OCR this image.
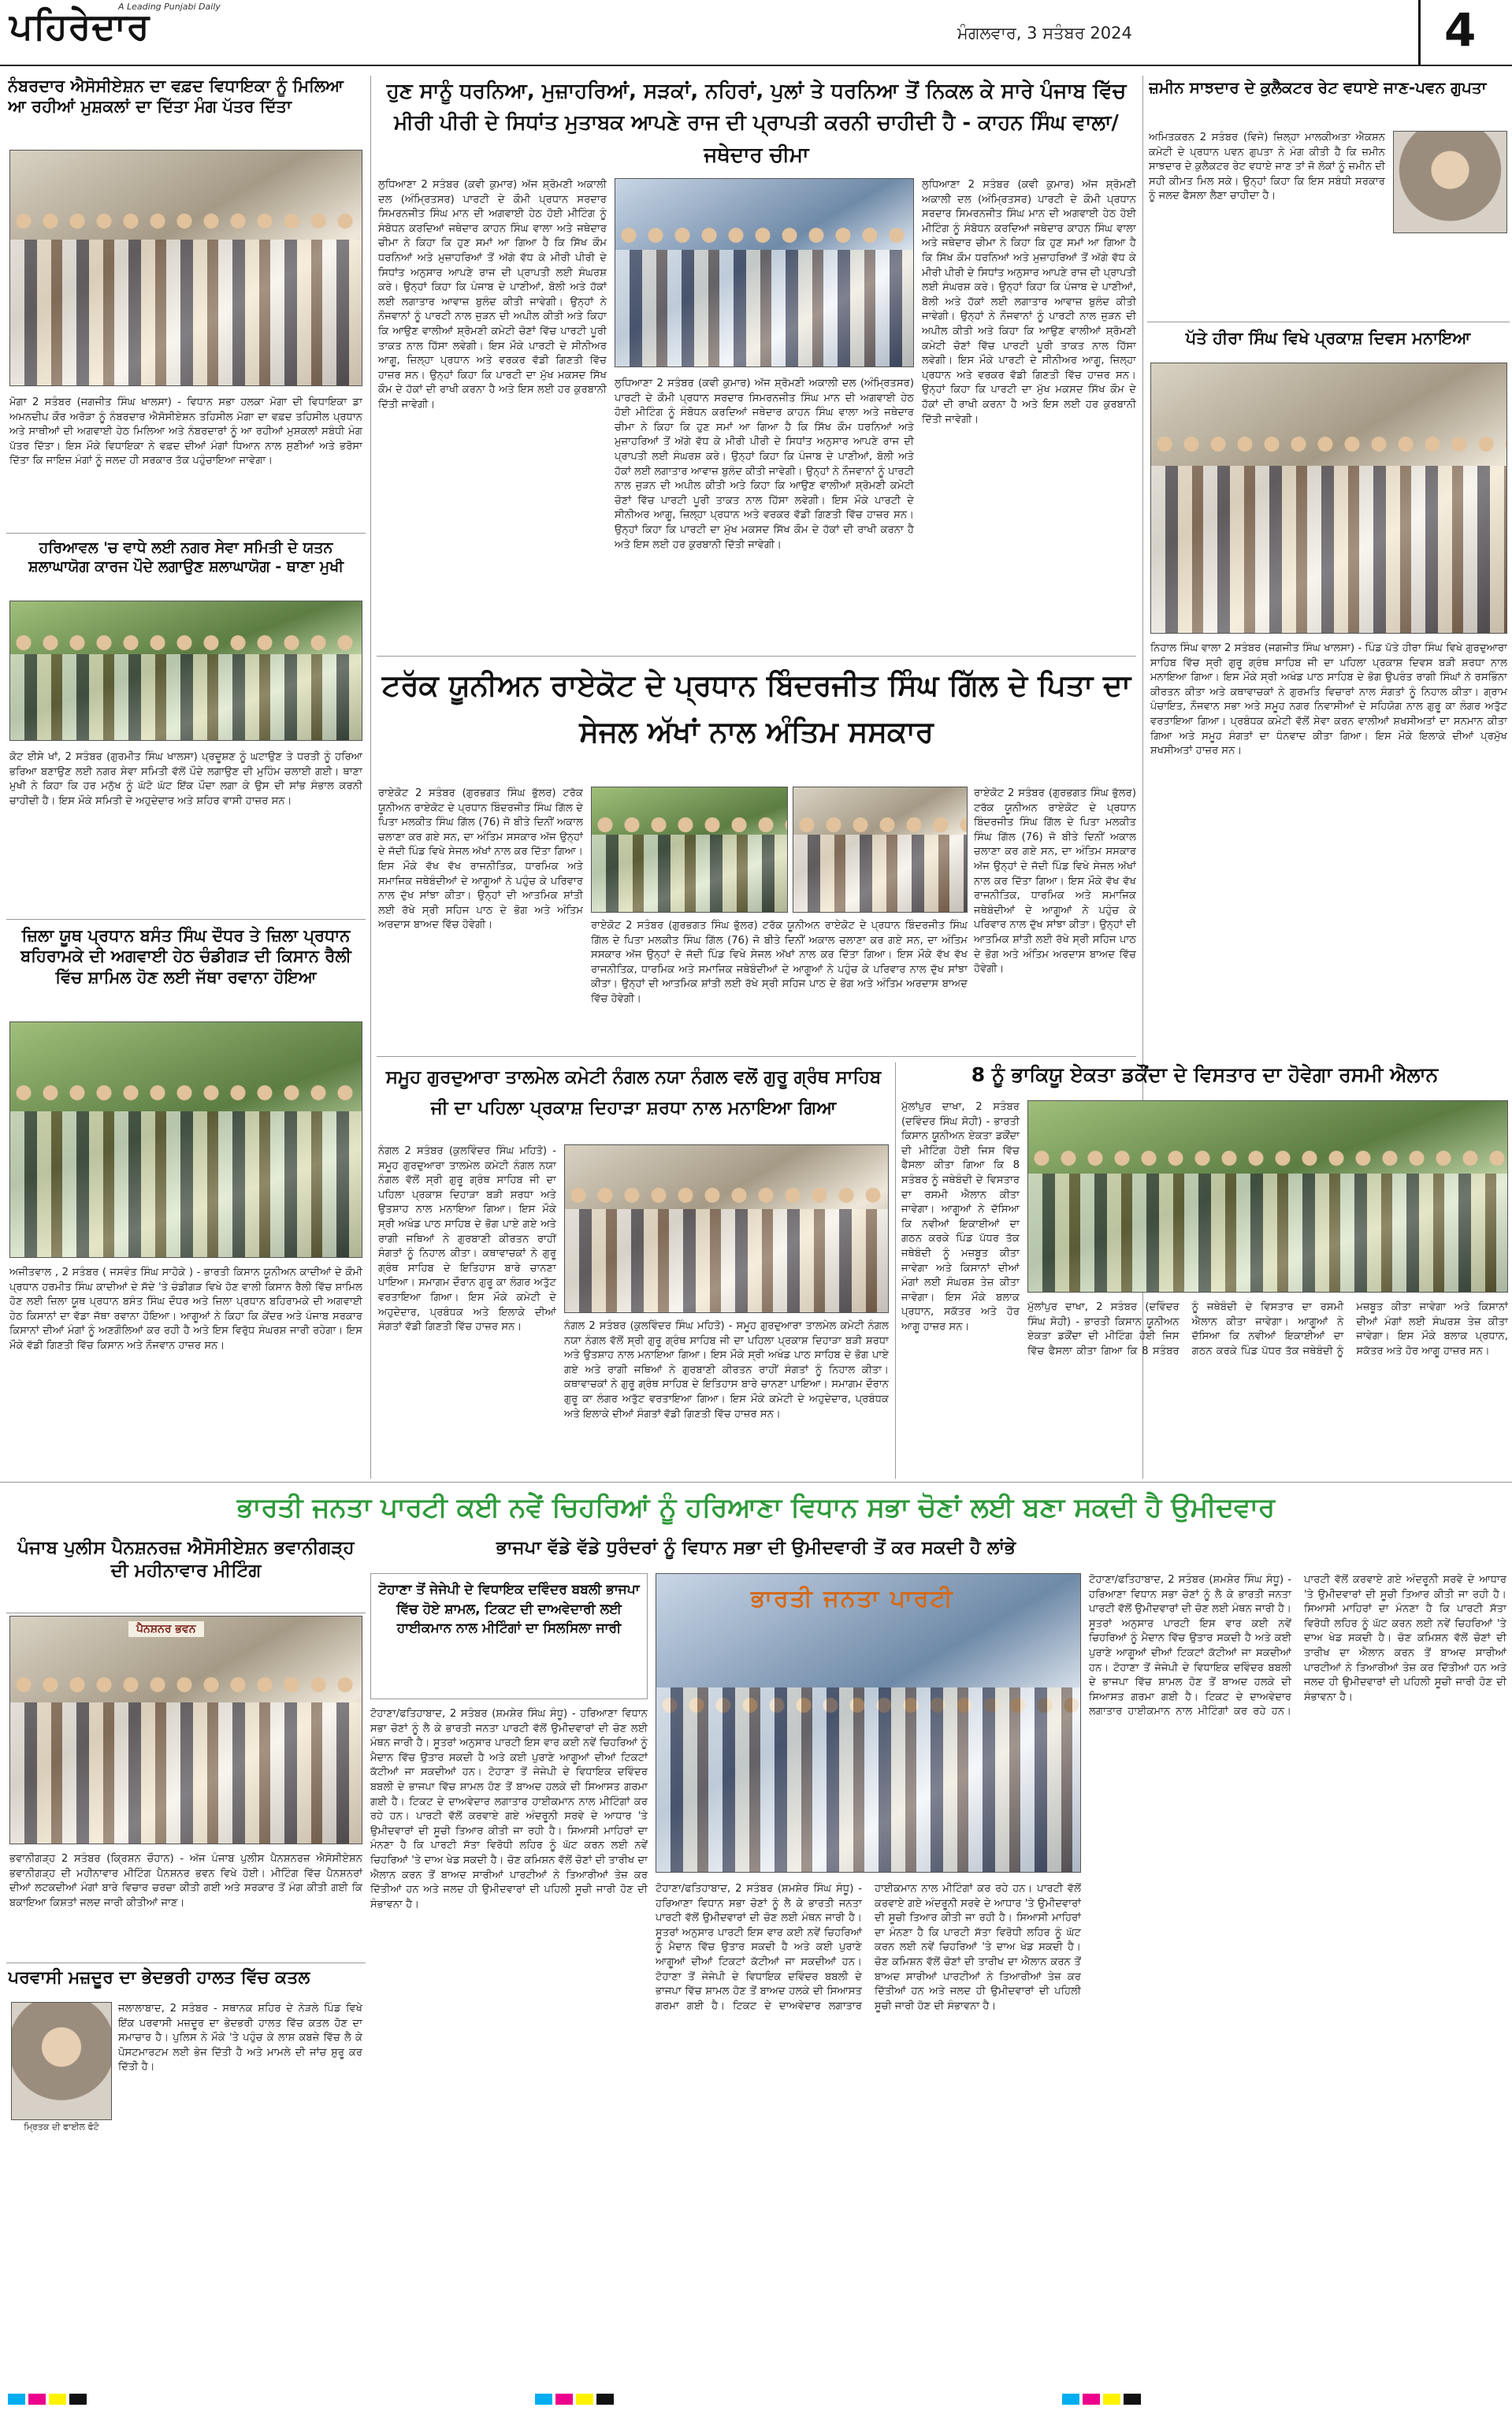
ਪਹਿਰੇਦਾਰ
A Leading Punjabi Daily
ਮੰਗਲਵਾਰ, 3 ਸਤੰਬਰ 2024	4
ਨੰਬਰਦਾਰ ਐਸੋਸੀਏਸ਼ਨ ਦਾ ਵਫ਼ਦ ਵਿਧਾਇਕਾ ਨੂੰ ਮਿਲਿਆ ਆ ਰਹੀਆਂ ਮੁਸ਼ਕਲਾਂ ਦਾ ਦਿੱਤਾ ਮੰਗ ਪੱਤਰ ਦਿੱਤਾ
ਮੋਗਾ 2 ਸਤੰਬਰ (ਜਗਜੀਤ ਸਿੰਘ ਖਾਲਸਾ) - ਵਿਧਾਨ ਸਭਾ ਹਲਕਾ ਮੋਗਾ ਦੀ ਵਿਧਾਇਕਾ ਡਾ ਅਮਨਦੀਪ ਕੌਰ ਅਰੋੜਾ ਨੂੰ ਨੰਬਰਦਾਰ ਐਸੋਸੀਏਸ਼ਨ ਤਹਿਸੀਲ ਮੋਗਾ ਦਾ ਵਫ਼ਦ ਤਹਿਸੀਲ ਪ੍ਰਧਾਨ ਅਤੇ ਸਾਥੀਆਂ ਦੀ ਅਗਵਾਈ ਹੇਠ ਮਿਲਿਆ ਅਤੇ ਨੰਬਰਦਾਰਾਂ ਨੂੰ ਆ ਰਹੀਆਂ ਮੁਸ਼ਕਲਾਂ ਸਬੰਧੀ ਮੰਗ ਪੱਤਰ ਦਿੱਤਾ। ਇਸ ਮੌਕੇ ਵਿਧਾਇਕਾ ਨੇ ਵਫ਼ਦ ਦੀਆਂ ਮੰਗਾਂ ਧਿਆਨ ਨਾਲ ਸੁਣੀਆਂ ਅਤੇ ਭਰੋਸਾ ਦਿੱਤਾ ਕਿ ਜਾਇਜ਼ ਮੰਗਾਂ ਨੂੰ ਜਲਦ ਹੀ ਸਰਕਾਰ ਤੱਕ ਪਹੁੰਚਾਇਆ ਜਾਵੇਗਾ।
ਹਰਿਆਵਲ 'ਚ ਵਾਧੇ ਲਈ ਨਗਰ ਸੇਵਾ ਸਮਿਤੀ ਦੇ ਯਤਨ ਸ਼ਲਾਘਾਯੋਗ ਕਾਰਜ ਪੌਦੇ ਲਗਾਉਣ ਸ਼ਲਾਘਾਯੋਗ - ਥਾਣਾ ਮੁਖੀ
ਕੋਟ ਈਸੇ ਖਾਂ, 2 ਸਤੰਬਰ (ਗੁਰਮੀਤ ਸਿੰਘ ਖਾਲਸਾ) ਪ੍ਰਦੂਸ਼ਣ ਨੂੰ ਘਟਾਉਣ ਤੇ ਧਰਤੀ ਨੂੰ ਹਰਿਆ ਭਰਿਆ ਬਣਾਉਣ ਲਈ ਨਗਰ ਸੇਵਾ ਸਮਿਤੀ ਵੱਲੋਂ ਪੌਦੇ ਲਗਾਉਣ ਦੀ ਮੁਹਿੰਮ ਚਲਾਈ ਗਈ। ਥਾਣਾ ਮੁਖੀ ਨੇ ਕਿਹਾ ਕਿ ਹਰ ਮਨੁੱਖ ਨੂੰ ਘੱਟੋ ਘੱਟ ਇੱਕ ਪੌਦਾ ਲਗਾ ਕੇ ਉਸ ਦੀ ਸਾਂਭ ਸੰਭਾਲ ਕਰਨੀ ਚਾਹੀਦੀ ਹੈ। ਇਸ ਮੌਕੇ ਸਮਿਤੀ ਦੇ ਅਹੁਦੇਦਾਰ ਅਤੇ ਸ਼ਹਿਰ ਵਾਸੀ ਹਾਜ਼ਰ ਸਨ।
ਜ਼ਿਲਾ ਯੂਥ ਪ੍ਰਧਾਨ ਬਸੰਤ ਸਿੰਘ ਦੌਧਰ ਤੇ ਜ਼ਿਲਾ ਪ੍ਰਧਾਨ ਬਹਿਰਾਮਕੇ ਦੀ ਅਗਵਾਈ ਹੇਠ ਚੰਡੀਗੜ ਦੀ ਕਿਸਾਨ ਰੈਲੀ ਵਿੱਚ ਸ਼ਾਮਿਲ ਹੋਣ ਲਈ ਜੱਥਾ ਰਵਾਨਾ ਹੋਇਆ
ਅਜੀਤਵਾਲ , 2 ਸਤੰਬਰ ( ਜਸਵੰਤ ਸਿੰਘ ਸਾਹੋਕੇ ) - ਭਾਰਤੀ ਕਿਸਾਨ ਯੂਨੀਅਨ ਕਾਦੀਆਂ ਦੇ ਕੌਮੀ ਪ੍ਰਧਾਨ ਹਰਮੀਤ ਸਿੰਘ ਕਾਦੀਆਂ ਦੇ ਸੱਦੇ 'ਤੇ ਚੰਡੀਗੜ ਵਿਖੇ ਹੋਣ ਵਾਲੀ ਕਿਸਾਨ ਰੈਲੀ ਵਿੱਚ ਸ਼ਾਮਿਲ ਹੋਣ ਲਈ ਜ਼ਿਲਾ ਯੂਥ ਪ੍ਰਧਾਨ ਬਸੰਤ ਸਿੰਘ ਦੌਧਰ ਅਤੇ ਜ਼ਿਲਾ ਪ੍ਰਧਾਨ ਬਹਿਰਾਮਕੇ ਦੀ ਅਗਵਾਈ ਹੇਠ ਕਿਸਾਨਾਂ ਦਾ ਵੱਡਾ ਜੱਥਾ ਰਵਾਨਾ ਹੋਇਆ। ਆਗੂਆਂ ਨੇ ਕਿਹਾ ਕਿ ਕੇਂਦਰ ਅਤੇ ਪੰਜਾਬ ਸਰਕਾਰ ਕਿਸਾਨਾਂ ਦੀਆਂ ਮੰਗਾਂ ਨੂੰ ਅਣਗੌਲਿਆਂ ਕਰ ਰਹੀ ਹੈ ਅਤੇ ਇਸ ਵਿਰੁੱਧ ਸੰਘਰਸ਼ ਜਾਰੀ ਰਹੇਗਾ। ਇਸ ਮੌਕੇ ਵੱਡੀ ਗਿਣਤੀ ਵਿੱਚ ਕਿਸਾਨ ਅਤੇ ਨੌਜਵਾਨ ਹਾਜ਼ਰ ਸਨ।
ਪੰਜਾਬ ਪੁਲੀਸ ਪੈਨਸ਼ਨਰਜ਼ ਐਸੋਸੀਏਸ਼ਨ ਭਵਾਨੀਗੜ੍ਹ ਦੀ ਮਹੀਨਾਵਾਰ ਮੀਟਿੰਗ
ਪੈਨਸ਼ਨਰ ਭਵਨ
ਭਵਾਨੀਗੜ੍ਹ 2 ਸਤੰਬਰ (ਕ੍ਰਿਸ਼ਨ ਚੌਹਾਨ) - ਅੱਜ ਪੰਜਾਬ ਪੁਲੀਸ ਪੈਨਸ਼ਨਰਜ਼ ਐਸੋਸੀਏਸ਼ਨ ਭਵਾਨੀਗੜ੍ਹ ਦੀ ਮਹੀਨਾਵਾਰ ਮੀਟਿੰਗ ਪੈਨਸ਼ਨਰ ਭਵਨ ਵਿਖੇ ਹੋਈ। ਮੀਟਿੰਗ ਵਿੱਚ ਪੈਨਸ਼ਨਰਾਂ ਦੀਆਂ ਲਟਕਦੀਆਂ ਮੰਗਾਂ ਬਾਰੇ ਵਿਚਾਰ ਚਰਚਾ ਕੀਤੀ ਗਈ ਅਤੇ ਸਰਕਾਰ ਤੋਂ ਮੰਗ ਕੀਤੀ ਗਈ ਕਿ ਬਕਾਇਆ ਕਿਸ਼ਤਾਂ ਜਲਦ ਜਾਰੀ ਕੀਤੀਆਂ ਜਾਣ।
ਪਰਵਾਸੀ ਮਜ਼ਦੂਰ ਦਾ ਭੇਦਭਰੀ ਹਾਲਤ ਵਿੱਚ ਕਤਲ
ਮ੍ਰਿਤਕ ਦੀ ਫਾਈਲ ਫੋਟੋ
ਜਲਾਲਾਬਾਦ, 2 ਸਤੰਬਰ - ਸਥਾਨਕ ਸ਼ਹਿਰ ਦੇ ਨੇੜਲੇ ਪਿੰਡ ਵਿਖੇ ਇੱਕ ਪਰਵਾਸੀ ਮਜ਼ਦੂਰ ਦਾ ਭੇਦਭਰੀ ਹਾਲਤ ਵਿੱਚ ਕਤਲ ਹੋਣ ਦਾ ਸਮਾਚਾਰ ਹੈ। ਪੁਲਿਸ ਨੇ ਮੌਕੇ 'ਤੇ ਪਹੁੰਚ ਕੇ ਲਾਸ਼ ਕਬਜ਼ੇ ਵਿੱਚ ਲੈ ਕੇ ਪੋਸਟਮਾਰਟਮ ਲਈ ਭੇਜ ਦਿੱਤੀ ਹੈ ਅਤੇ ਮਾਮਲੇ ਦੀ ਜਾਂਚ ਸ਼ੁਰੂ ਕਰ ਦਿੱਤੀ ਹੈ।
ਹੁਣ ਸਾਨੂੰ ਧਰਨਿਆ, ਮੁਜ਼ਾਹਰਿਆਂ, ਸੜਕਾਂ, ਨਹਿਰਾਂ, ਪੁਲਾਂ ਤੇ ਧਰਨਿਆ ਤੋਂ ਨਿਕਲ ਕੇ ਸਾਰੇ ਪੰਜਾਬ ਵਿੱਚ ਮੀਰੀ ਪੀਰੀ ਦੇ ਸਿਧਾਂਤ ਮੁਤਾਬਕ ਆਪਣੇ ਰਾਜ ਦੀ ਪ੍ਰਾਪਤੀ ਕਰਨੀ ਚਾਹੀਦੀ ਹੈ - ਕਾਹਨ ਸਿੰਘ ਵਾਲਾ/ਜਥੇਦਾਰ ਚੀਮਾ
ਲੁਧਿਆਣਾ 2 ਸਤੰਬਰ (ਕਵੀ ਕੁਮਾਰ) ਅੱਜ ਸ਼੍ਰੋਮਣੀ ਅਕਾਲੀ ਦਲ (ਅੰਮ੍ਰਿਤਸਰ) ਪਾਰਟੀ ਦੇ ਕੌਮੀ ਪ੍ਰਧਾਨ ਸਰਦਾਰ ਸਿਮਰਨਜੀਤ ਸਿੰਘ ਮਾਨ ਦੀ ਅਗਵਾਈ ਹੇਠ ਹੋਈ ਮੀਟਿੰਗ ਨੂੰ ਸੰਬੋਧਨ ਕਰਦਿਆਂ ਜਥੇਦਾਰ ਕਾਹਨ ਸਿੰਘ ਵਾਲਾ ਅਤੇ ਜਥੇਦਾਰ ਚੀਮਾ ਨੇ ਕਿਹਾ ਕਿ ਹੁਣ ਸਮਾਂ ਆ ਗਿਆ ਹੈ ਕਿ ਸਿੱਖ ਕੌਮ ਧਰਨਿਆਂ ਅਤੇ ਮੁਜ਼ਾਹਰਿਆਂ ਤੋਂ ਅੱਗੇ ਵੱਧ ਕੇ ਮੀਰੀ ਪੀਰੀ ਦੇ ਸਿਧਾਂਤ ਅਨੁਸਾਰ ਆਪਣੇ ਰਾਜ ਦੀ ਪ੍ਰਾਪਤੀ ਲਈ ਸੰਘਰਸ਼ ਕਰੇ। ਉਨ੍ਹਾਂ ਕਿਹਾ ਕਿ ਪੰਜਾਬ ਦੇ ਪਾਣੀਆਂ, ਬੋਲੀ ਅਤੇ ਹੱਕਾਂ ਲਈ ਲਗਾਤਾਰ ਆਵਾਜ਼ ਬੁਲੰਦ ਕੀਤੀ ਜਾਵੇਗੀ। ਉਨ੍ਹਾਂ ਨੇ ਨੌਜਵਾਨਾਂ ਨੂੰ ਪਾਰਟੀ ਨਾਲ ਜੁੜਨ ਦੀ ਅਪੀਲ ਕੀਤੀ ਅਤੇ ਕਿਹਾ ਕਿ ਆਉਣ ਵਾਲੀਆਂ ਸ਼੍ਰੋਮਣੀ ਕਮੇਟੀ ਚੋਣਾਂ ਵਿੱਚ ਪਾਰਟੀ ਪੂਰੀ ਤਾਕਤ ਨਾਲ ਹਿੱਸਾ ਲਵੇਗੀ। ਇਸ ਮੌਕੇ ਪਾਰਟੀ ਦੇ ਸੀਨੀਅਰ ਆਗੂ, ਜ਼ਿਲ੍ਹਾ ਪ੍ਰਧਾਨ ਅਤੇ ਵਰਕਰ ਵੱਡੀ ਗਿਣਤੀ ਵਿੱਚ ਹਾਜ਼ਰ ਸਨ। ਉਨ੍ਹਾਂ ਕਿਹਾ ਕਿ ਪਾਰਟੀ ਦਾ ਮੁੱਖ ਮਕਸਦ ਸਿੱਖ ਕੌਮ ਦੇ ਹੱਕਾਂ ਦੀ ਰਾਖੀ ਕਰਨਾ ਹੈ ਅਤੇ ਇਸ ਲਈ ਹਰ ਕੁਰਬਾਨੀ ਦਿੱਤੀ ਜਾਵੇਗੀ।
ਲੁਧਿਆਣਾ 2 ਸਤੰਬਰ (ਕਵੀ ਕੁਮਾਰ) ਅੱਜ ਸ਼੍ਰੋਮਣੀ ਅਕਾਲੀ ਦਲ (ਅੰਮ੍ਰਿਤਸਰ) ਪਾਰਟੀ ਦੇ ਕੌਮੀ ਪ੍ਰਧਾਨ ਸਰਦਾਰ ਸਿਮਰਨਜੀਤ ਸਿੰਘ ਮਾਨ ਦੀ ਅਗਵਾਈ ਹੇਠ ਹੋਈ ਮੀਟਿੰਗ ਨੂੰ ਸੰਬੋਧਨ ਕਰਦਿਆਂ ਜਥੇਦਾਰ ਕਾਹਨ ਸਿੰਘ ਵਾਲਾ ਅਤੇ ਜਥੇਦਾਰ ਚੀਮਾ ਨੇ ਕਿਹਾ ਕਿ ਹੁਣ ਸਮਾਂ ਆ ਗਿਆ ਹੈ ਕਿ ਸਿੱਖ ਕੌਮ ਧਰਨਿਆਂ ਅਤੇ ਮੁਜ਼ਾਹਰਿਆਂ ਤੋਂ ਅੱਗੇ ਵੱਧ ਕੇ ਮੀਰੀ ਪੀਰੀ ਦੇ ਸਿਧਾਂਤ ਅਨੁਸਾਰ ਆਪਣੇ ਰਾਜ ਦੀ ਪ੍ਰਾਪਤੀ ਲਈ ਸੰਘਰਸ਼ ਕਰੇ। ਉਨ੍ਹਾਂ ਕਿਹਾ ਕਿ ਪੰਜਾਬ ਦੇ ਪਾਣੀਆਂ, ਬੋਲੀ ਅਤੇ ਹੱਕਾਂ ਲਈ ਲਗਾਤਾਰ ਆਵਾਜ਼ ਬੁਲੰਦ ਕੀਤੀ ਜਾਵੇਗੀ। ਉਨ੍ਹਾਂ ਨੇ ਨੌਜਵਾਨਾਂ ਨੂੰ ਪਾਰਟੀ ਨਾਲ ਜੁੜਨ ਦੀ ਅਪੀਲ ਕੀਤੀ ਅਤੇ ਕਿਹਾ ਕਿ ਆਉਣ ਵਾਲੀਆਂ ਸ਼੍ਰੋਮਣੀ ਕਮੇਟੀ ਚੋਣਾਂ ਵਿੱਚ ਪਾਰਟੀ ਪੂਰੀ ਤਾਕਤ ਨਾਲ ਹਿੱਸਾ ਲਵੇਗੀ। ਇਸ ਮੌਕੇ ਪਾਰਟੀ ਦੇ ਸੀਨੀਅਰ ਆਗੂ, ਜ਼ਿਲ੍ਹਾ ਪ੍ਰਧਾਨ ਅਤੇ ਵਰਕਰ ਵੱਡੀ ਗਿਣਤੀ ਵਿੱਚ ਹਾਜ਼ਰ ਸਨ। ਉਨ੍ਹਾਂ ਕਿਹਾ ਕਿ ਪਾਰਟੀ ਦਾ ਮੁੱਖ ਮਕਸਦ ਸਿੱਖ ਕੌਮ ਦੇ ਹੱਕਾਂ ਦੀ ਰਾਖੀ ਕਰਨਾ ਹੈ ਅਤੇ ਇਸ ਲਈ ਹਰ ਕੁਰਬਾਨੀ ਦਿੱਤੀ ਜਾਵੇਗੀ।
ਲੁਧਿਆਣਾ 2 ਸਤੰਬਰ (ਕਵੀ ਕੁਮਾਰ) ਅੱਜ ਸ਼੍ਰੋਮਣੀ ਅਕਾਲੀ ਦਲ (ਅੰਮ੍ਰਿਤਸਰ) ਪਾਰਟੀ ਦੇ ਕੌਮੀ ਪ੍ਰਧਾਨ ਸਰਦਾਰ ਸਿਮਰਨਜੀਤ ਸਿੰਘ ਮਾਨ ਦੀ ਅਗਵਾਈ ਹੇਠ ਹੋਈ ਮੀਟਿੰਗ ਨੂੰ ਸੰਬੋਧਨ ਕਰਦਿਆਂ ਜਥੇਦਾਰ ਕਾਹਨ ਸਿੰਘ ਵਾਲਾ ਅਤੇ ਜਥੇਦਾਰ ਚੀਮਾ ਨੇ ਕਿਹਾ ਕਿ ਹੁਣ ਸਮਾਂ ਆ ਗਿਆ ਹੈ ਕਿ ਸਿੱਖ ਕੌਮ ਧਰਨਿਆਂ ਅਤੇ ਮੁਜ਼ਾਹਰਿਆਂ ਤੋਂ ਅੱਗੇ ਵੱਧ ਕੇ ਮੀਰੀ ਪੀਰੀ ਦੇ ਸਿਧਾਂਤ ਅਨੁਸਾਰ ਆਪਣੇ ਰਾਜ ਦੀ ਪ੍ਰਾਪਤੀ ਲਈ ਸੰਘਰਸ਼ ਕਰੇ। ਉਨ੍ਹਾਂ ਕਿਹਾ ਕਿ ਪੰਜਾਬ ਦੇ ਪਾਣੀਆਂ, ਬੋਲੀ ਅਤੇ ਹੱਕਾਂ ਲਈ ਲਗਾਤਾਰ ਆਵਾਜ਼ ਬੁਲੰਦ ਕੀਤੀ ਜਾਵੇਗੀ। ਉਨ੍ਹਾਂ ਨੇ ਨੌਜਵਾਨਾਂ ਨੂੰ ਪਾਰਟੀ ਨਾਲ ਜੁੜਨ ਦੀ ਅਪੀਲ ਕੀਤੀ ਅਤੇ ਕਿਹਾ ਕਿ ਆਉਣ ਵਾਲੀਆਂ ਸ਼੍ਰੋਮਣੀ ਕਮੇਟੀ ਚੋਣਾਂ ਵਿੱਚ ਪਾਰਟੀ ਪੂਰੀ ਤਾਕਤ ਨਾਲ ਹਿੱਸਾ ਲਵੇਗੀ। ਇਸ ਮੌਕੇ ਪਾਰਟੀ ਦੇ ਸੀਨੀਅਰ ਆਗੂ, ਜ਼ਿਲ੍ਹਾ ਪ੍ਰਧਾਨ ਅਤੇ ਵਰਕਰ ਵੱਡੀ ਗਿਣਤੀ ਵਿੱਚ ਹਾਜ਼ਰ ਸਨ। ਉਨ੍ਹਾਂ ਕਿਹਾ ਕਿ ਪਾਰਟੀ ਦਾ ਮੁੱਖ ਮਕਸਦ ਸਿੱਖ ਕੌਮ ਦੇ ਹੱਕਾਂ ਦੀ ਰਾਖੀ ਕਰਨਾ ਹੈ ਅਤੇ ਇਸ ਲਈ ਹਰ ਕੁਰਬਾਨੀ ਦਿੱਤੀ ਜਾਵੇਗੀ।
ਟਰੱਕ ਯੂਨੀਅਨ ਰਾਏਕੋਟ ਦੇ ਪ੍ਰਧਾਨ ਬਿੰਦਰਜੀਤ ਸਿੰਘ ਗਿੱਲ ਦੇ ਪਿਤਾ ਦਾ ਸੇਜਲ ਅੱਖਾਂ ਨਾਲ ਅੰਤਿਮ ਸਸਕਾਰ
ਰਾਏਕੋਟ 2 ਸਤੰਬਰ (ਗੁਰਭਗਤ ਸਿੰਘ ਭੁੱਲਰ) ਟਰੱਕ ਯੂਨੀਅਨ ਰਾਏਕੋਟ ਦੇ ਪ੍ਰਧਾਨ ਬਿੰਦਰਜੀਤ ਸਿੰਘ ਗਿੱਲ ਦੇ ਪਿਤਾ ਮਲਕੀਤ ਸਿੰਘ ਗਿੱਲ (76) ਜੋ ਬੀਤੇ ਦਿਨੀਂ ਅਕਾਲ ਚਲਾਣਾ ਕਰ ਗਏ ਸਨ, ਦਾ ਅੰਤਿਮ ਸਸਕਾਰ ਅੱਜ ਉਨ੍ਹਾਂ ਦੇ ਜੱਦੀ ਪਿੰਡ ਵਿਖੇ ਸੇਜਲ ਅੱਖਾਂ ਨਾਲ ਕਰ ਦਿੱਤਾ ਗਿਆ। ਇਸ ਮੌਕੇ ਵੱਖ ਵੱਖ ਰਾਜਨੀਤਿਕ, ਧਾਰਮਿਕ ਅਤੇ ਸਮਾਜਿਕ ਜਥੇਬੰਦੀਆਂ ਦੇ ਆਗੂਆਂ ਨੇ ਪਹੁੰਚ ਕੇ ਪਰਿਵਾਰ ਨਾਲ ਦੁੱਖ ਸਾਂਝਾ ਕੀਤਾ। ਉਨ੍ਹਾਂ ਦੀ ਆਤਮਿਕ ਸ਼ਾਂਤੀ ਲਈ ਰੱਖੇ ਸ੍ਰੀ ਸਹਿਜ ਪਾਠ ਦੇ ਭੋਗ ਅਤੇ ਅੰਤਿਮ ਅਰਦਾਸ ਬਾਅਦ ਵਿੱਚ ਹੋਵੇਗੀ।	ਰਾਏਕੋਟ 2 ਸਤੰਬਰ (ਗੁਰਭਗਤ ਸਿੰਘ ਭੁੱਲਰ) ਟਰੱਕ ਯੂਨੀਅਨ ਰਾਏਕੋਟ ਦੇ ਪ੍ਰਧਾਨ ਬਿੰਦਰਜੀਤ ਸਿੰਘ ਗਿੱਲ ਦੇ ਪਿਤਾ ਮਲਕੀਤ ਸਿੰਘ ਗਿੱਲ (76) ਜੋ ਬੀਤੇ ਦਿਨੀਂ ਅਕਾਲ ਚਲਾਣਾ ਕਰ ਗਏ ਸਨ, ਦਾ ਅੰਤਿਮ ਸਸਕਾਰ ਅੱਜ ਉਨ੍ਹਾਂ ਦੇ ਜੱਦੀ ਪਿੰਡ ਵਿਖੇ ਸੇਜਲ ਅੱਖਾਂ ਨਾਲ ਕਰ ਦਿੱਤਾ ਗਿਆ। ਇਸ ਮੌਕੇ ਵੱਖ ਵੱਖ ਰਾਜਨੀਤਿਕ, ਧਾਰਮਿਕ ਅਤੇ ਸਮਾਜਿਕ ਜਥੇਬੰਦੀਆਂ ਦੇ ਆਗੂਆਂ ਨੇ ਪਹੁੰਚ ਕੇ ਪਰਿਵਾਰ ਨਾਲ ਦੁੱਖ ਸਾਂਝਾ ਕੀਤਾ। ਉਨ੍ਹਾਂ ਦੀ ਆਤਮਿਕ ਸ਼ਾਂਤੀ ਲਈ ਰੱਖੇ ਸ੍ਰੀ ਸਹਿਜ ਪਾਠ ਦੇ ਭੋਗ ਅਤੇ ਅੰਤਿਮ ਅਰਦਾਸ ਬਾਅਦ ਵਿੱਚ ਹੋਵੇਗੀ।
ਰਾਏਕੋਟ 2 ਸਤੰਬਰ (ਗੁਰਭਗਤ ਸਿੰਘ ਭੁੱਲਰ) ਟਰੱਕ ਯੂਨੀਅਨ ਰਾਏਕੋਟ ਦੇ ਪ੍ਰਧਾਨ ਬਿੰਦਰਜੀਤ ਸਿੰਘ ਗਿੱਲ ਦੇ ਪਿਤਾ ਮਲਕੀਤ ਸਿੰਘ ਗਿੱਲ (76) ਜੋ ਬੀਤੇ ਦਿਨੀਂ ਅਕਾਲ ਚਲਾਣਾ ਕਰ ਗਏ ਸਨ, ਦਾ ਅੰਤਿਮ ਸਸਕਾਰ ਅੱਜ ਉਨ੍ਹਾਂ ਦੇ ਜੱਦੀ ਪਿੰਡ ਵਿਖੇ ਸੇਜਲ ਅੱਖਾਂ ਨਾਲ ਕਰ ਦਿੱਤਾ ਗਿਆ। ਇਸ ਮੌਕੇ ਵੱਖ ਵੱਖ ਰਾਜਨੀਤਿਕ, ਧਾਰਮਿਕ ਅਤੇ ਸਮਾਜਿਕ ਜਥੇਬੰਦੀਆਂ ਦੇ ਆਗੂਆਂ ਨੇ ਪਹੁੰਚ ਕੇ ਪਰਿਵਾਰ ਨਾਲ ਦੁੱਖ ਸਾਂਝਾ ਕੀਤਾ। ਉਨ੍ਹਾਂ ਦੀ ਆਤਮਿਕ ਸ਼ਾਂਤੀ ਲਈ ਰੱਖੇ ਸ੍ਰੀ ਸਹਿਜ ਪਾਠ ਦੇ ਭੋਗ ਅਤੇ ਅੰਤਿਮ ਅਰਦਾਸ ਬਾਅਦ ਵਿੱਚ ਹੋਵੇਗੀ।
ਸਮੂਹ ਗੁਰਦੁਆਰਾ ਤਾਲਮੇਲ ਕਮੇਟੀ ਨੰਗਲ ਨਯਾ ਨੰਗਲ ਵਲੋਂ ਗੁਰੂ ਗ੍ਰੰਥ ਸਾਹਿਬ ਜੀ ਦਾ ਪਹਿਲਾ ਪ੍ਰਕਾਸ਼ ਦਿਹਾੜਾ ਸ਼ਰਧਾ ਨਾਲ ਮਨਾਇਆ ਗਿਆ
ਨੰਗਲ 2 ਸਤੰਬਰ (ਕੁਲਵਿੰਦਰ ਸਿੰਘ ਮਹਿਤੋ) - ਸਮੂਹ ਗੁਰਦੁਆਰਾ ਤਾਲਮੇਲ ਕਮੇਟੀ ਨੰਗਲ ਨਯਾ ਨੰਗਲ ਵੱਲੋਂ ਸ੍ਰੀ ਗੁਰੂ ਗ੍ਰੰਥ ਸਾਹਿਬ ਜੀ ਦਾ ਪਹਿਲਾ ਪ੍ਰਕਾਸ਼ ਦਿਹਾੜਾ ਬੜੀ ਸ਼ਰਧਾ ਅਤੇ ਉਤਸ਼ਾਹ ਨਾਲ ਮਨਾਇਆ ਗਿਆ। ਇਸ ਮੌਕੇ ਸ੍ਰੀ ਅਖੰਡ ਪਾਠ ਸਾਹਿਬ ਦੇ ਭੋਗ ਪਾਏ ਗਏ ਅਤੇ ਰਾਗੀ ਜਥਿਆਂ ਨੇ ਗੁਰਬਾਣੀ ਕੀਰਤਨ ਰਾਹੀਂ ਸੰਗਤਾਂ ਨੂੰ ਨਿਹਾਲ ਕੀਤਾ। ਕਥਾਵਾਚਕਾਂ ਨੇ ਗੁਰੂ ਗ੍ਰੰਥ ਸਾਹਿਬ ਦੇ ਇਤਿਹਾਸ ਬਾਰੇ ਚਾਨਣਾ ਪਾਇਆ। ਸਮਾਗਮ ਦੌਰਾਨ ਗੁਰੂ ਕਾ ਲੰਗਰ ਅਤੁੱਟ ਵਰਤਾਇਆ ਗਿਆ। ਇਸ ਮੌਕੇ ਕਮੇਟੀ ਦੇ ਅਹੁਦੇਦਾਰ, ਪ੍ਰਬੰਧਕ ਅਤੇ ਇਲਾਕੇ ਦੀਆਂ ਸੰਗਤਾਂ ਵੱਡੀ ਗਿਣਤੀ ਵਿੱਚ ਹਾਜ਼ਰ ਸਨ।	ਨੰਗਲ 2 ਸਤੰਬਰ (ਕੁਲਵਿੰਦਰ ਸਿੰਘ ਮਹਿਤੋ) - ਸਮੂਹ ਗੁਰਦੁਆਰਾ ਤਾਲਮੇਲ ਕਮੇਟੀ ਨੰਗਲ ਨਯਾ ਨੰਗਲ ਵੱਲੋਂ ਸ੍ਰੀ ਗੁਰੂ ਗ੍ਰੰਥ ਸਾਹਿਬ ਜੀ ਦਾ ਪਹਿਲਾ ਪ੍ਰਕਾਸ਼ ਦਿਹਾੜਾ ਬੜੀ ਸ਼ਰਧਾ ਅਤੇ ਉਤਸ਼ਾਹ ਨਾਲ ਮਨਾਇਆ ਗਿਆ। ਇਸ ਮੌਕੇ ਸ੍ਰੀ ਅਖੰਡ ਪਾਠ ਸਾਹਿਬ ਦੇ ਭੋਗ ਪਾਏ ਗਏ ਅਤੇ ਰਾਗੀ ਜਥਿਆਂ ਨੇ ਗੁਰਬਾਣੀ ਕੀਰਤਨ ਰਾਹੀਂ ਸੰਗਤਾਂ ਨੂੰ ਨਿਹਾਲ ਕੀਤਾ। ਕਥਾਵਾਚਕਾਂ ਨੇ ਗੁਰੂ ਗ੍ਰੰਥ ਸਾਹਿਬ ਦੇ ਇਤਿਹਾਸ ਬਾਰੇ ਚਾਨਣਾ ਪਾਇਆ। ਸਮਾਗਮ ਦੌਰਾਨ ਗੁਰੂ ਕਾ ਲੰਗਰ ਅਤੁੱਟ ਵਰਤਾਇਆ ਗਿਆ। ਇਸ ਮੌਕੇ ਕਮੇਟੀ ਦੇ ਅਹੁਦੇਦਾਰ, ਪ੍ਰਬੰਧਕ ਅਤੇ ਇਲਾਕੇ ਦੀਆਂ ਸੰਗਤਾਂ ਵੱਡੀ ਗਿਣਤੀ ਵਿੱਚ ਹਾਜ਼ਰ ਸਨ।
8 ਨੂੰ ਭਾਕਿਯੂ ਏਕਤਾ ਡਕੌਂਦਾ ਦੇ ਵਿਸਤਾਰ ਦਾ ਹੋਵੇਗਾ ਰਸਮੀ ਐਲਾਨ
ਮੁੱਲਾਂਪੁਰ ਦਾਖਾ, 2 ਸਤੰਬਰ (ਦਵਿੰਦਰ ਸਿੰਘ ਸੋਹੀ) - ਭਾਰਤੀ ਕਿਸਾਨ ਯੂਨੀਅਨ ਏਕਤਾ ਡਕੌਂਦਾ ਦੀ ਮੀਟਿੰਗ ਹੋਈ ਜਿਸ ਵਿੱਚ ਫੈਸਲਾ ਕੀਤਾ ਗਿਆ ਕਿ 8 ਸਤੰਬਰ ਨੂੰ ਜਥੇਬੰਦੀ ਦੇ ਵਿਸਤਾਰ ਦਾ ਰਸਮੀ ਐਲਾਨ ਕੀਤਾ ਜਾਵੇਗਾ। ਆਗੂਆਂ ਨੇ ਦੱਸਿਆ ਕਿ ਨਵੀਆਂ ਇਕਾਈਆਂ ਦਾ ਗਠਨ ਕਰਕੇ ਪਿੰਡ ਪੱਧਰ ਤੱਕ ਜਥੇਬੰਦੀ ਨੂੰ ਮਜ਼ਬੂਤ ਕੀਤਾ ਜਾਵੇਗਾ ਅਤੇ ਕਿਸਾਨਾਂ ਦੀਆਂ ਮੰਗਾਂ ਲਈ ਸੰਘਰਸ਼ ਤੇਜ਼ ਕੀਤਾ ਜਾਵੇਗਾ। ਇਸ ਮੌਕੇ ਬਲਾਕ ਪ੍ਰਧਾਨ, ਸਕੱਤਰ ਅਤੇ ਹੋਰ ਆਗੂ ਹਾਜ਼ਰ ਸਨ।
ਮੁੱਲਾਂਪੁਰ ਦਾਖਾ, 2 ਸਤੰਬਰ (ਦਵਿੰਦਰ ਸਿੰਘ ਸੋਹੀ) - ਭਾਰਤੀ ਕਿਸਾਨ ਯੂਨੀਅਨ ਏਕਤਾ ਡਕੌਂਦਾ ਦੀ ਮੀਟਿੰਗ ਹੋਈ ਜਿਸ ਵਿੱਚ ਫੈਸਲਾ ਕੀਤਾ ਗਿਆ ਕਿ 8 ਸਤੰਬਰ ਨੂੰ ਜਥੇਬੰਦੀ ਦੇ ਵਿਸਤਾਰ ਦਾ ਰਸਮੀ ਐਲਾਨ ਕੀਤਾ ਜਾਵੇਗਾ। ਆਗੂਆਂ ਨੇ ਦੱਸਿਆ ਕਿ ਨਵੀਆਂ ਇਕਾਈਆਂ ਦਾ ਗਠਨ ਕਰਕੇ ਪਿੰਡ ਪੱਧਰ ਤੱਕ ਜਥੇਬੰਦੀ ਨੂੰ ਮਜ਼ਬੂਤ ਕੀਤਾ ਜਾਵੇਗਾ ਅਤੇ ਕਿਸਾਨਾਂ ਦੀਆਂ ਮੰਗਾਂ ਲਈ ਸੰਘਰਸ਼ ਤੇਜ਼ ਕੀਤਾ ਜਾਵੇਗਾ। ਇਸ ਮੌਕੇ ਬਲਾਕ ਪ੍ਰਧਾਨ, ਸਕੱਤਰ ਅਤੇ ਹੋਰ ਆਗੂ ਹਾਜ਼ਰ ਸਨ।
ਜ਼ਮੀਨ ਸਾਝਦਾਰ ਦੇ ਕੁਲੈਕਟਰ ਰੇਟ ਵਧਾਏ ਜਾਣ-ਪਵਨ ਗੁਪਤਾ
ਅਮਿਤਕਰਨ 2 ਸਤੰਬਰ (ਵਿਜੇ) ਜ਼ਿਲ੍ਹਾ ਮਾਲਕੀਅਤਾ ਐਕਸ਼ਨ ਕਮੇਟੀ ਦੇ ਪ੍ਰਧਾਨ ਪਵਨ ਗੁਪਤਾ ਨੇ ਮੰਗ ਕੀਤੀ ਹੈ ਕਿ ਜ਼ਮੀਨ ਸਾਝਦਾਰ ਦੇ ਕੁਲੈਕਟਰ ਰੇਟ ਵਧਾਏ ਜਾਣ ਤਾਂ ਜੋ ਲੋਕਾਂ ਨੂੰ ਜ਼ਮੀਨ ਦੀ ਸਹੀ ਕੀਮਤ ਮਿਲ ਸਕੇ। ਉਨ੍ਹਾਂ ਕਿਹਾ ਕਿ ਇਸ ਸਬੰਧੀ ਸਰਕਾਰ ਨੂੰ ਜਲਦ ਫੈਸਲਾ ਲੈਣਾ ਚਾਹੀਦਾ ਹੈ।
ਪੱਤੇ ਹੀਰਾ ਸਿੰਘ ਵਿਖੇ ਪ੍ਰਕਾਸ਼ ਦਿਵਸ ਮਨਾਇਆ
ਨਿਹਾਲ ਸਿੰਘ ਵਾਲਾ 2 ਸਤੰਬਰ (ਜਗਜੀਤ ਸਿੰਘ ਖਾਲਸਾ) - ਪਿੰਡ ਪੱਤੇ ਹੀਰਾ ਸਿੰਘ ਵਿਖੇ ਗੁਰਦੁਆਰਾ ਸਾਹਿਬ ਵਿੱਚ ਸ੍ਰੀ ਗੁਰੂ ਗ੍ਰੰਥ ਸਾਹਿਬ ਜੀ ਦਾ ਪਹਿਲਾ ਪ੍ਰਕਾਸ਼ ਦਿਵਸ ਬੜੀ ਸ਼ਰਧਾ ਨਾਲ ਮਨਾਇਆ ਗਿਆ। ਇਸ ਮੌਕੇ ਸ੍ਰੀ ਅਖੰਡ ਪਾਠ ਸਾਹਿਬ ਦੇ ਭੋਗ ਉਪਰੰਤ ਰਾਗੀ ਸਿੰਘਾਂ ਨੇ ਰਸਭਿੰਨਾ ਕੀਰਤਨ ਕੀਤਾ ਅਤੇ ਕਥਾਵਾਚਕਾਂ ਨੇ ਗੁਰਮਤਿ ਵਿਚਾਰਾਂ ਨਾਲ ਸੰਗਤਾਂ ਨੂੰ ਨਿਹਾਲ ਕੀਤਾ। ਗ੍ਰਾਮ ਪੰਚਾਇਤ, ਨੌਜਵਾਨ ਸਭਾ ਅਤੇ ਸਮੂਹ ਨਗਰ ਨਿਵਾਸੀਆਂ ਦੇ ਸਹਿਯੋਗ ਨਾਲ ਗੁਰੂ ਕਾ ਲੰਗਰ ਅਤੁੱਟ ਵਰਤਾਇਆ ਗਿਆ। ਪ੍ਰਬੰਧਕ ਕਮੇਟੀ ਵੱਲੋਂ ਸੇਵਾ ਕਰਨ ਵਾਲੀਆਂ ਸ਼ਖਸੀਅਤਾਂ ਦਾ ਸਨਮਾਨ ਕੀਤਾ ਗਿਆ ਅਤੇ ਸਮੂਹ ਸੰਗਤਾਂ ਦਾ ਧੰਨਵਾਦ ਕੀਤਾ ਗਿਆ। ਇਸ ਮੌਕੇ ਇਲਾਕੇ ਦੀਆਂ ਪ੍ਰਮੁੱਖ ਸ਼ਖਸੀਅਤਾਂ ਹਾਜ਼ਰ ਸਨ।
ਭਾਰਤੀ ਜਨਤਾ ਪਾਰਟੀ ਕਈ ਨਵੇਂ ਚਿਹਰਿਆਂ ਨੂੰ ਹਰਿਆਣਾ ਵਿਧਾਨ ਸਭਾ ਚੋਣਾਂ ਲਈ ਬਣਾ ਸਕਦੀ ਹੈ ਉਮੀਦਵਾਰ
ਭਾਜਪਾ ਵੱਡੇ ਵੱਡੇ ਧੁਰੰਦਰਾਂ ਨੂੰ ਵਿਧਾਨ ਸਭਾ ਦੀ ਉਮੀਦਵਾਰੀ ਤੋਂ ਕਰ ਸਕਦੀ ਹੈ ਲਾਂਭੇ
ਟੋਹਾਣਾ ਤੋਂ ਜੇਜੇਪੀ ਦੇ ਵਿਧਾਇਕ ਦਵਿੰਦਰ ਬਬਲੀ ਭਾਜਪਾ ਵਿੱਚ ਹੋਏ ਸ਼ਾਮਲ, ਟਿਕਟ ਦੀ ਦਾਅਵੇਦਾਰੀ ਲਈ ਹਾਈਕਮਾਨ ਨਾਲ ਮੀਟਿੰਗਾਂ ਦਾ ਸਿਲਸਿਲਾ ਜਾਰੀ
ਟੋਹਾਣਾ/ਫਤਿਹਾਬਾਦ, 2 ਸਤੰਬਰ (ਸ਼ਮਸ਼ੇਰ ਸਿੰਘ ਸੰਧੂ) - ਹਰਿਆਣਾ ਵਿਧਾਨ ਸਭਾ ਚੋਣਾਂ ਨੂੰ ਲੈ ਕੇ ਭਾਰਤੀ ਜਨਤਾ ਪਾਰਟੀ ਵੱਲੋਂ ਉਮੀਦਵਾਰਾਂ ਦੀ ਚੋਣ ਲਈ ਮੰਥਨ ਜਾਰੀ ਹੈ। ਸੂਤਰਾਂ ਅਨੁਸਾਰ ਪਾਰਟੀ ਇਸ ਵਾਰ ਕਈ ਨਵੇਂ ਚਿਹਰਿਆਂ ਨੂੰ ਮੈਦਾਨ ਵਿੱਚ ਉਤਾਰ ਸਕਦੀ ਹੈ ਅਤੇ ਕਈ ਪੁਰਾਣੇ ਆਗੂਆਂ ਦੀਆਂ ਟਿਕਟਾਂ ਕੱਟੀਆਂ ਜਾ ਸਕਦੀਆਂ ਹਨ। ਟੋਹਾਣਾ ਤੋਂ ਜੇਜੇਪੀ ਦੇ ਵਿਧਾਇਕ ਦਵਿੰਦਰ ਬਬਲੀ ਦੇ ਭਾਜਪਾ ਵਿੱਚ ਸ਼ਾਮਲ ਹੋਣ ਤੋਂ ਬਾਅਦ ਹਲਕੇ ਦੀ ਸਿਆਸਤ ਗਰਮਾ ਗਈ ਹੈ। ਟਿਕਟ ਦੇ ਦਾਅਵੇਦਾਰ ਲਗਾਤਾਰ ਹਾਈਕਮਾਨ ਨਾਲ ਮੀਟਿੰਗਾਂ ਕਰ ਰਹੇ ਹਨ। ਪਾਰਟੀ ਵੱਲੋਂ ਕਰਵਾਏ ਗਏ ਅੰਦਰੂਨੀ ਸਰਵੇ ਦੇ ਆਧਾਰ 'ਤੇ ਉਮੀਦਵਾਰਾਂ ਦੀ ਸੂਚੀ ਤਿਆਰ ਕੀਤੀ ਜਾ ਰਹੀ ਹੈ। ਸਿਆਸੀ ਮਾਹਿਰਾਂ ਦਾ ਮੰਨਣਾ ਹੈ ਕਿ ਪਾਰਟੀ ਸੱਤਾ ਵਿਰੋਧੀ ਲਹਿਰ ਨੂੰ ਘੱਟ ਕਰਨ ਲਈ ਨਵੇਂ ਚਿਹਰਿਆਂ 'ਤੇ ਦਾਅ ਖੇਡ ਸਕਦੀ ਹੈ। ਚੋਣ ਕਮਿਸ਼ਨ ਵੱਲੋਂ ਚੋਣਾਂ ਦੀ ਤਾਰੀਖ ਦਾ ਐਲਾਨ ਕਰਨ ਤੋਂ ਬਾਅਦ ਸਾਰੀਆਂ ਪਾਰਟੀਆਂ ਨੇ ਤਿਆਰੀਆਂ ਤੇਜ਼ ਕਰ ਦਿੱਤੀਆਂ ਹਨ ਅਤੇ ਜਲਦ ਹੀ ਉਮੀਦਵਾਰਾਂ ਦੀ ਪਹਿਲੀ ਸੂਚੀ ਜਾਰੀ ਹੋਣ ਦੀ ਸੰਭਾਵਨਾ ਹੈ।
ਭਾਰਤੀ ਜਨਤਾ ਪਾਰਟੀ
ਟੋਹਾਣਾ/ਫਤਿਹਾਬਾਦ, 2 ਸਤੰਬਰ (ਸ਼ਮਸ਼ੇਰ ਸਿੰਘ ਸੰਧੂ) - ਹਰਿਆਣਾ ਵਿਧਾਨ ਸਭਾ ਚੋਣਾਂ ਨੂੰ ਲੈ ਕੇ ਭਾਰਤੀ ਜਨਤਾ ਪਾਰਟੀ ਵੱਲੋਂ ਉਮੀਦਵਾਰਾਂ ਦੀ ਚੋਣ ਲਈ ਮੰਥਨ ਜਾਰੀ ਹੈ। ਸੂਤਰਾਂ ਅਨੁਸਾਰ ਪਾਰਟੀ ਇਸ ਵਾਰ ਕਈ ਨਵੇਂ ਚਿਹਰਿਆਂ ਨੂੰ ਮੈਦਾਨ ਵਿੱਚ ਉਤਾਰ ਸਕਦੀ ਹੈ ਅਤੇ ਕਈ ਪੁਰਾਣੇ ਆਗੂਆਂ ਦੀਆਂ ਟਿਕਟਾਂ ਕੱਟੀਆਂ ਜਾ ਸਕਦੀਆਂ ਹਨ। ਟੋਹਾਣਾ ਤੋਂ ਜੇਜੇਪੀ ਦੇ ਵਿਧਾਇਕ ਦਵਿੰਦਰ ਬਬਲੀ ਦੇ ਭਾਜਪਾ ਵਿੱਚ ਸ਼ਾਮਲ ਹੋਣ ਤੋਂ ਬਾਅਦ ਹਲਕੇ ਦੀ ਸਿਆਸਤ ਗਰਮਾ ਗਈ ਹੈ। ਟਿਕਟ ਦੇ ਦਾਅਵੇਦਾਰ ਲਗਾਤਾਰ ਹਾਈਕਮਾਨ ਨਾਲ ਮੀਟਿੰਗਾਂ ਕਰ ਰਹੇ ਹਨ। ਪਾਰਟੀ ਵੱਲੋਂ ਕਰਵਾਏ ਗਏ ਅੰਦਰੂਨੀ ਸਰਵੇ ਦੇ ਆਧਾਰ 'ਤੇ ਉਮੀਦਵਾਰਾਂ ਦੀ ਸੂਚੀ ਤਿਆਰ ਕੀਤੀ ਜਾ ਰਹੀ ਹੈ। ਸਿਆਸੀ ਮਾਹਿਰਾਂ ਦਾ ਮੰਨਣਾ ਹੈ ਕਿ ਪਾਰਟੀ ਸੱਤਾ ਵਿਰੋਧੀ ਲਹਿਰ ਨੂੰ ਘੱਟ ਕਰਨ ਲਈ ਨਵੇਂ ਚਿਹਰਿਆਂ 'ਤੇ ਦਾਅ ਖੇਡ ਸਕਦੀ ਹੈ। ਚੋਣ ਕਮਿਸ਼ਨ ਵੱਲੋਂ ਚੋਣਾਂ ਦੀ ਤਾਰੀਖ ਦਾ ਐਲਾਨ ਕਰਨ ਤੋਂ ਬਾਅਦ ਸਾਰੀਆਂ ਪਾਰਟੀਆਂ ਨੇ ਤਿਆਰੀਆਂ ਤੇਜ਼ ਕਰ ਦਿੱਤੀਆਂ ਹਨ ਅਤੇ ਜਲਦ ਹੀ ਉਮੀਦਵਾਰਾਂ ਦੀ ਪਹਿਲੀ ਸੂਚੀ ਜਾਰੀ ਹੋਣ ਦੀ ਸੰਭਾਵਨਾ ਹੈ।
ਟੋਹਾਣਾ/ਫਤਿਹਾਬਾਦ, 2 ਸਤੰਬਰ (ਸ਼ਮਸ਼ੇਰ ਸਿੰਘ ਸੰਧੂ) - ਹਰਿਆਣਾ ਵਿਧਾਨ ਸਭਾ ਚੋਣਾਂ ਨੂੰ ਲੈ ਕੇ ਭਾਰਤੀ ਜਨਤਾ ਪਾਰਟੀ ਵੱਲੋਂ ਉਮੀਦਵਾਰਾਂ ਦੀ ਚੋਣ ਲਈ ਮੰਥਨ ਜਾਰੀ ਹੈ। ਸੂਤਰਾਂ ਅਨੁਸਾਰ ਪਾਰਟੀ ਇਸ ਵਾਰ ਕਈ ਨਵੇਂ ਚਿਹਰਿਆਂ ਨੂੰ ਮੈਦਾਨ ਵਿੱਚ ਉਤਾਰ ਸਕਦੀ ਹੈ ਅਤੇ ਕਈ ਪੁਰਾਣੇ ਆਗੂਆਂ ਦੀਆਂ ਟਿਕਟਾਂ ਕੱਟੀਆਂ ਜਾ ਸਕਦੀਆਂ ਹਨ। ਟੋਹਾਣਾ ਤੋਂ ਜੇਜੇਪੀ ਦੇ ਵਿਧਾਇਕ ਦਵਿੰਦਰ ਬਬਲੀ ਦੇ ਭਾਜਪਾ ਵਿੱਚ ਸ਼ਾਮਲ ਹੋਣ ਤੋਂ ਬਾਅਦ ਹਲਕੇ ਦੀ ਸਿਆਸਤ ਗਰਮਾ ਗਈ ਹੈ। ਟਿਕਟ ਦੇ ਦਾਅਵੇਦਾਰ ਲਗਾਤਾਰ ਹਾਈਕਮਾਨ ਨਾਲ ਮੀਟਿੰਗਾਂ ਕਰ ਰਹੇ ਹਨ। ਪਾਰਟੀ ਵੱਲੋਂ ਕਰਵਾਏ ਗਏ ਅੰਦਰੂਨੀ ਸਰਵੇ ਦੇ ਆਧਾਰ 'ਤੇ ਉਮੀਦਵਾਰਾਂ ਦੀ ਸੂਚੀ ਤਿਆਰ ਕੀਤੀ ਜਾ ਰਹੀ ਹੈ। ਸਿਆਸੀ ਮਾਹਿਰਾਂ ਦਾ ਮੰਨਣਾ ਹੈ ਕਿ ਪਾਰਟੀ ਸੱਤਾ ਵਿਰੋਧੀ ਲਹਿਰ ਨੂੰ ਘੱਟ ਕਰਨ ਲਈ ਨਵੇਂ ਚਿਹਰਿਆਂ 'ਤੇ ਦਾਅ ਖੇਡ ਸਕਦੀ ਹੈ। ਚੋਣ ਕਮਿਸ਼ਨ ਵੱਲੋਂ ਚੋਣਾਂ ਦੀ ਤਾਰੀਖ ਦਾ ਐਲਾਨ ਕਰਨ ਤੋਂ ਬਾਅਦ ਸਾਰੀਆਂ ਪਾਰਟੀਆਂ ਨੇ ਤਿਆਰੀਆਂ ਤੇਜ਼ ਕਰ ਦਿੱਤੀਆਂ ਹਨ ਅਤੇ ਜਲਦ ਹੀ ਉਮੀਦਵਾਰਾਂ ਦੀ ਪਹਿਲੀ ਸੂਚੀ ਜਾਰੀ ਹੋਣ ਦੀ ਸੰਭਾਵਨਾ ਹੈ।
